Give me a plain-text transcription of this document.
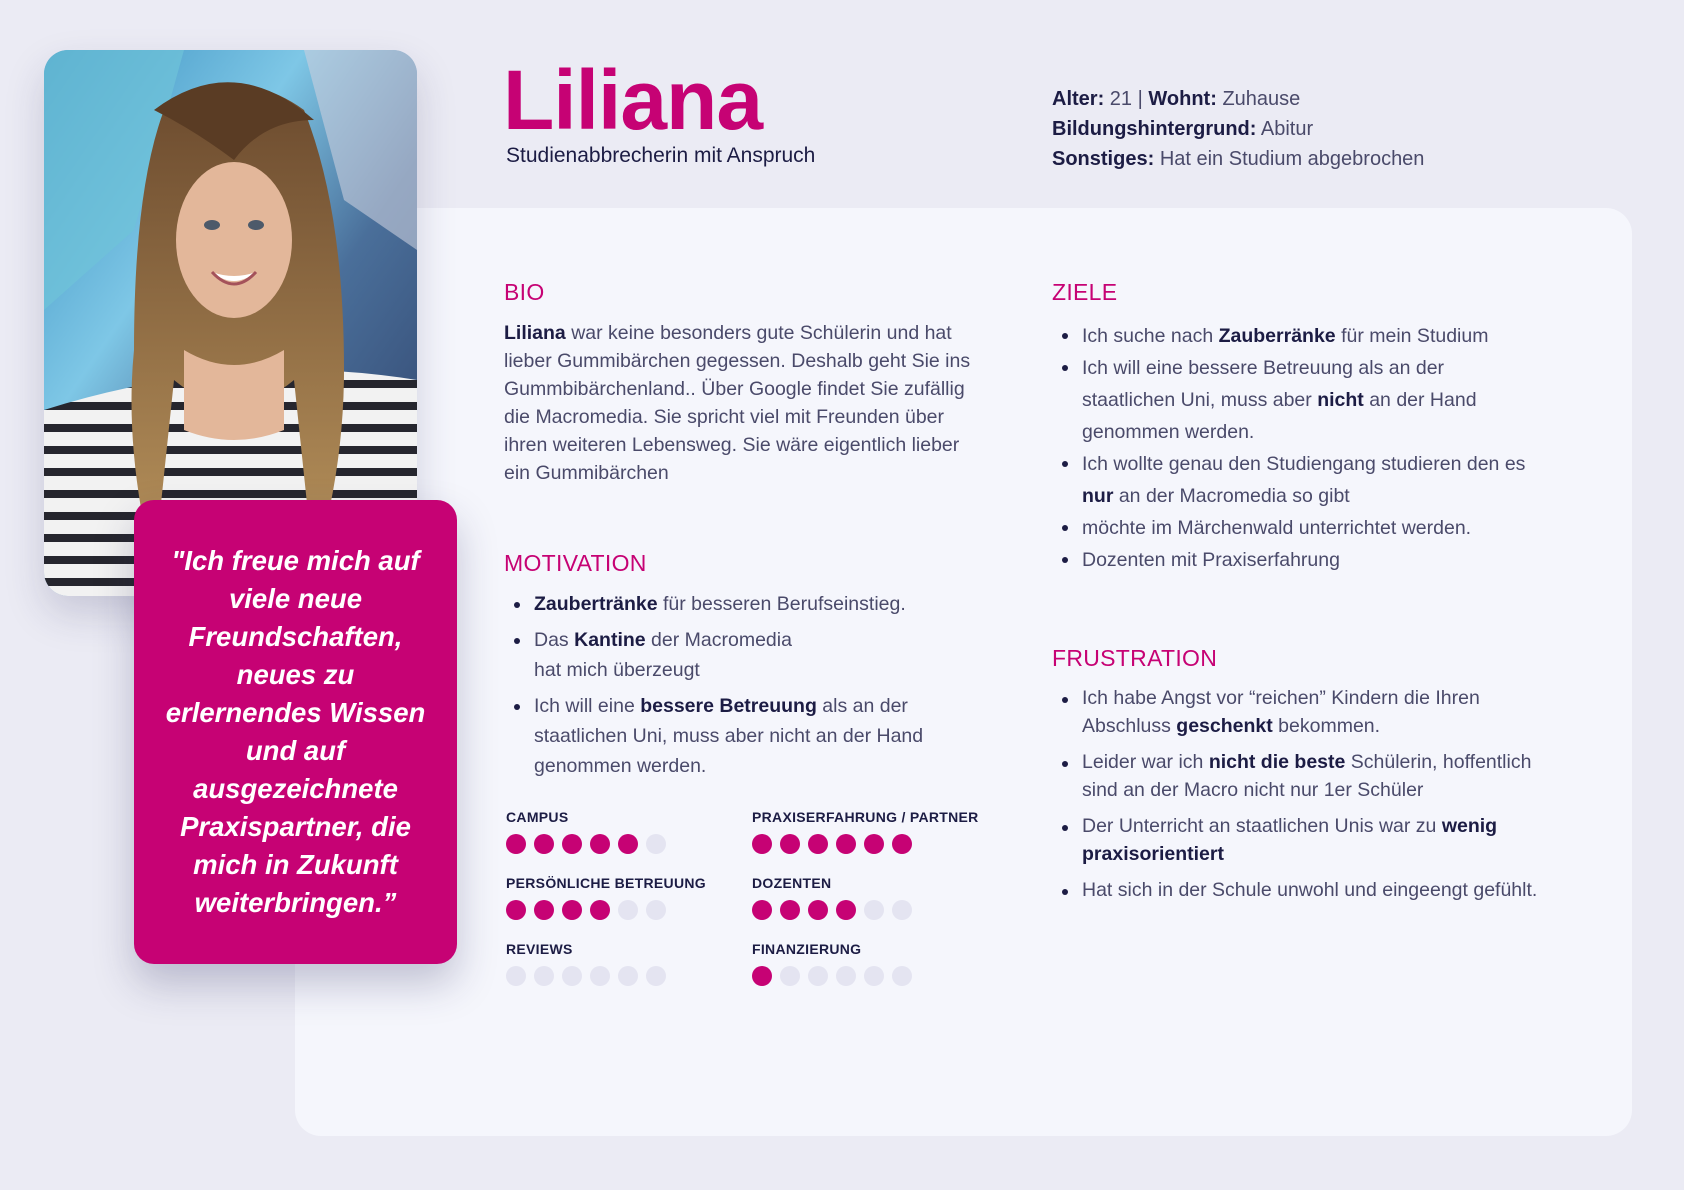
"Ich freue mich auf viele neue Freundschaften, neues zu erlernendes Wissen und auf ausgezeichnete Praxispartner, die mich in Zukunft weiterbringen.”

Liliana
Studienabbrecherin mit Anspruch
Alter: 21 | Wohnt: Zuhause
Bildungshintergrund: Abitur
Sonstiges: Hat ein Studium abgebrochen
BIO

Liliana war keine besonders gute Schülerin und hat lieber Gummibärchen gegessen. Deshalb geht Sie ins Gummbibärchenland.. Über Google findet Sie zufällig die Macromedia. Sie spricht viel mit Freunden über ihren weiteren Lebensweg. Sie wäre eigentlich lieber ein Gummibärchen

MOTIVATION
Zaubertränke für besseren Berufseinstieg.
Das Kantine der Macromedia
hat mich überzeugt
Ich will eine bessere Betreuung als an der staatlichen Uni, muss aber nicht an der Hand genommen werden.
CAMPUS	PRAXISERFAHRUNG / PARTNER
PERSÖNLICHE BETREUUNG	DOZENTEN
REVIEWS	FINANZIERUNG
ZIELE
Ich suche nach Zauberränke für mein Studium
Ich will eine bessere Betreuung als an der staatlichen Uni, muss aber nicht an der Hand genommen werden.
Ich wollte genau den Studiengang studieren den es nur an der Macromedia so gibt
möchte im Märchenwald unterrichtet werden.
Dozenten mit Praxiserfahrung
FRUSTRATION
Ich habe Angst vor “reichen” Kindern die Ihren Abschluss geschenkt bekommen.
Leider war ich nicht die beste Schülerin, hoffentlich sind an der Macro nicht nur 1er Schüler
Der Unterricht an staatlichen Unis war zu wenig praxisorientiert
Hat sich in der Schule unwohl und eingeengt gefühlt.
